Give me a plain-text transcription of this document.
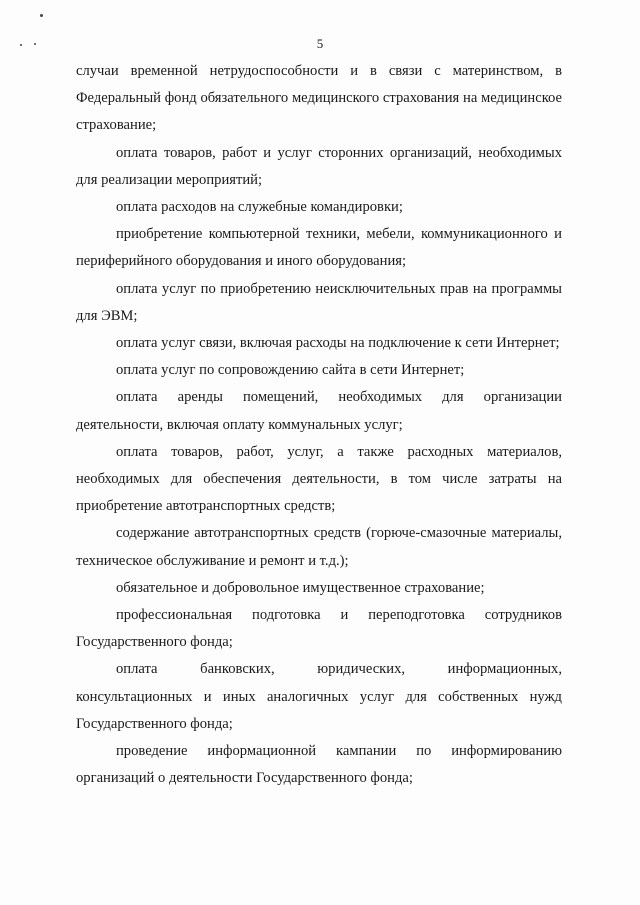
5

случаи временной нетрудоспособности и в связи с материнством, в Федеральный фонд обязательного медицинского страхования на медицинское страхование;

оплата товаров, работ и услуг сторонних организаций, необходимых для реализации мероприятий;

оплата расходов на служебные командировки;

приобретение компьютерной техники, мебели, коммуникационного и периферийного оборудования и иного оборудования;

оплата услуг по приобретению неисключительных прав на программы для ЭВМ;

оплата услуг связи, включая расходы на подключение к сети Интернет;

оплата услуг по сопровождению сайта в сети Интернет;

оплата аренды помещений, необходимых для организации деятельности, включая оплату коммунальных услуг;

оплата товаров, работ, услуг, а также расходных материалов, необходимых для обеспечения деятельности, в том числе затраты на приобретение автотранспортных средств;

содержание автотранспортных средств (горюче-смазочные материалы, техническое обслуживание и ремонт и т.д.);

обязательное и добровольное имущественное страхование;

профессиональная подготовка и переподготовка сотрудников Государственного фонда;

оплата банковских, юридических, информационных, консультационных и иных аналогичных услуг для собственных нужд Государственного фонда;

проведение информационной кампании по информированию организаций о деятельности Государственного фонда;
